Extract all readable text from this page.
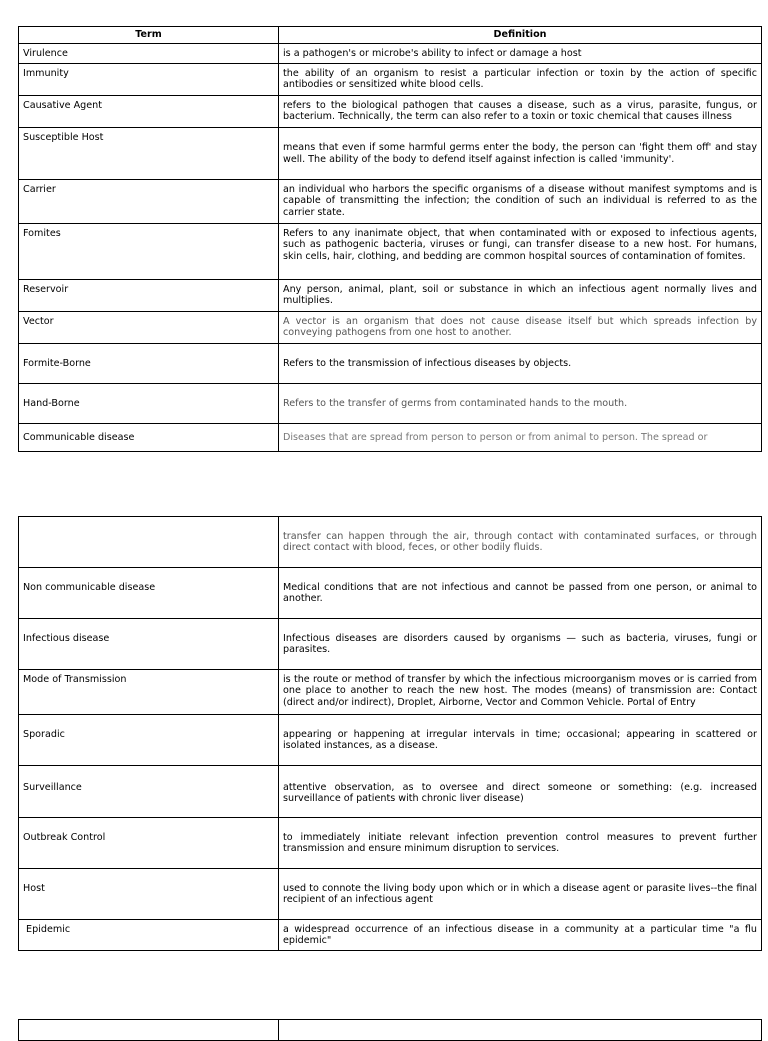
Term	Definition
Virulence	is a pathogen's or microbe's ability to infect or damage a host
Immunity	the ability of an organism to resist a particular infection or toxin by the action of specific antibodies or sensitized white blood cells.
Causative Agent	refers to the biological pathogen that causes a disease, such as a virus, parasite, fungus, or bacterium. Technically, the term can also refer to a toxin or toxic chemical that causes illness
Susceptible Host	means that even if some harmful germs enter the body, the person can 'fight them off' and stay well. The ability of the body to defend itself against infection is called 'immunity'.
Carrier	an individual who harbors the specific organisms of a disease without manifest symptoms and is capable of transmitting the infection; the condition of such an individual is referred to as the carrier state.
Fomites	Refers to any inanimate object, that when contaminated with or exposed to infectious agents, such as pathogenic bacteria, viruses or fungi, can transfer disease to a new host. For humans, skin cells, hair, clothing, and bedding are common hospital sources of contamination of fomites.
Reservoir	Any person, animal, plant, soil or substance in which an infectious agent normally lives and multiplies.
Vector	A vector is an organism that does not cause disease itself but which spreads infection by conveying pathogens from one host to another.
Formite-Borne	Refers to the transmission of infectious diseases by objects.
Hand-Borne	Refers to the transfer of germs from contaminated hands to the mouth.
Communicable disease	Diseases that are spread from person to person or from animal to person. The spread or
	transfer can happen through the air, through contact with contaminated surfaces, or through direct contact with blood, feces, or other bodily fluids.
Non communicable disease	Medical conditions that are not infectious and cannot be passed from one person, or animal to another.
Infectious disease	Infectious diseases are disorders caused by organisms — such as bacteria, viruses, fungi or parasites.
Mode of Transmission	is the route or method of transfer by which the infectious microorganism moves or is carried from one place to another to reach the new host. The modes (means) of transmission are: Contact (direct and/or indirect), Droplet, Airborne, Vector and Common Vehicle. Portal of Entry
Sporadic	appearing or happening at irregular intervals in time; occasional; appearing in scattered or isolated instances, as a disease.
Surveillance	attentive observation, as to oversee and direct someone or something: (e.g. increased surveillance of patients with chronic liver disease)
Outbreak Control	to immediately initiate relevant infection prevention control measures to prevent further transmission and ensure minimum disruption to services.
Host	used to connote the living body upon which or in which a disease agent or parasite lives--the final recipient of an infectious agent
Epidemic	a widespread occurrence of an infectious disease in a community at a particular time "a flu epidemic"
